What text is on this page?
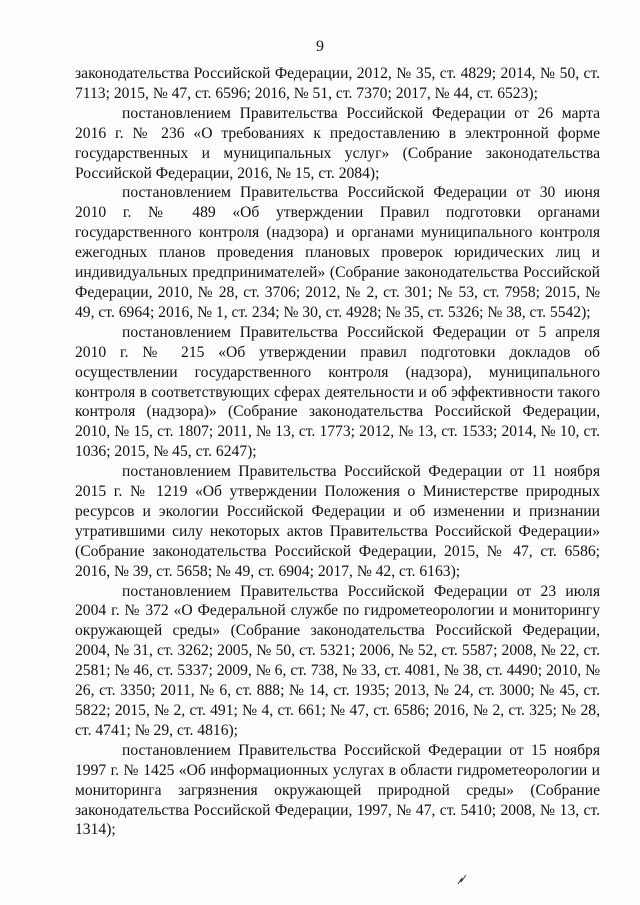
9

законодательства Российской Федерации, 2012, № 35, ст. 4829; 2014, № 50, ст. 7113; 2015, № 47, ст. 6596; 2016, № 51, ст. 7370; 2017, № 44, ст. 6523);

постановлением Правительства Российской Федерации от 26 марта 2016 г. № 236 «О требованиях к предоставлению в электронной форме государственных и муниципальных услуг» (Собрание законодательства Российской Федерации, 2016, № 15, ст. 2084);

постановлением Правительства Российской Федерации от 30 июня 2010 г. № 489 «Об утверждении Правил подготовки органами государственного контроля (надзора) и органами муниципального контроля ежегодных планов проведения плановых проверок юридических лиц и индивидуальных предпринимателей» (Собрание законодательства Российской Федерации, 2010, № 28, ст. 3706; 2012, № 2, ст. 301; № 53, ст. 7958; 2015, № 49, ст. 6964; 2016, № 1, ст. 234; № 30, ст. 4928; № 35, ст. 5326; № 38, ст. 5542);

постановлением Правительства Российской Федерации от 5 апреля 2010 г. № 215 «Об утверждении правил подготовки докладов об осуществлении государственного контроля (надзора), муниципального контроля в соответствующих сферах деятельности и об эффективности такого контроля (надзора)» (Собрание законодательства Российской Федерации, 2010, № 15, ст. 1807; 2011, № 13, ст. 1773; 2012, № 13, ст. 1533; 2014, № 10, ст. 1036; 2015, № 45, ст. 6247);

постановлением Правительства Российской Федерации от 11 ноября 2015 г. № 1219 «Об утверждении Положения о Министерстве природных ресурсов и экологии Российской Федерации и об изменении и признании утратившими силу некоторых актов Правительства Российской Федерации» (Собрание законодательства Российской Федерации, 2015, № 47, ст. 6586; 2016, № 39, ст. 5658; № 49, ст. 6904; 2017, № 42, ст. 6163);

постановлением Правительства Российской Федерации от 23 июля 2004 г. № 372 «О Федеральной службе по гидрометеорологии и мониторингу окружающей среды» (Собрание законодательства Российской Федерации, 2004, № 31, ст. 3262; 2005, № 50, ст. 5321; 2006, № 52, ст. 5587; 2008, № 22, ст. 2581; № 46, ст. 5337; 2009, № 6, ст. 738, № 33, ст. 4081, № 38, ст. 4490; 2010, № 26, ст. 3350; 2011, № 6, ст. 888; № 14, ст. 1935; 2013, № 24, ст. 3000; № 45, ст. 5822; 2015, № 2, ст. 491; № 4, ст. 661; № 47, ст. 6586; 2016, № 2, ст. 325; № 28, ст. 4741; № 29, ст. 4816);

постановлением Правительства Российской Федерации от 15 ноября 1997 г. № 1425 «Об информационных услугах в области гидрометеорологии и мониторинга загрязнения окружающей природной среды» (Собрание законодательства Российской Федерации, 1997, № 47, ст. 5410; 2008, № 13, ст. 1314);
